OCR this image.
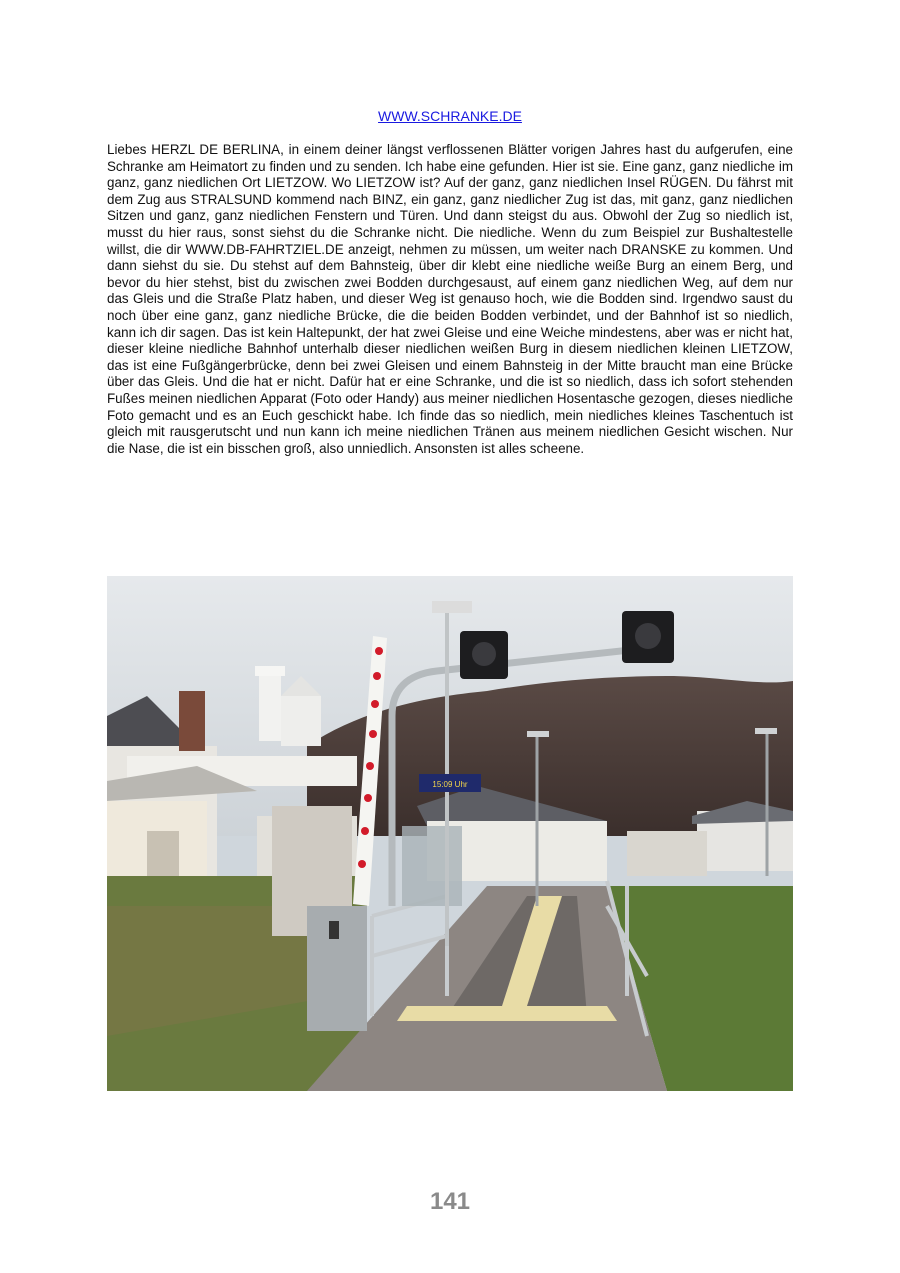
WWW.SCHRANKE.DE

Liebes HERZL DE BERLINA, in einem deiner längst verflossenen Blätter vorigen Jahres hast du aufgerufen, eine Schranke am Heimatort zu finden und zu senden. Ich habe eine gefunden. Hier ist sie. Eine ganz, ganz niedliche im ganz, ganz niedlichen Ort LIETZOW. Wo LIETZOW ist? Auf der ganz, ganz niedlichen Insel RÜGEN. Du fährst mit dem Zug aus STRALSUND kommend nach BINZ, ein ganz, ganz niedlicher Zug ist das, mit ganz, ganz niedlichen Sitzen und ganz, ganz niedlichen Fenstern und Türen. Und dann steigst du aus. Obwohl der Zug so niedlich ist, musst du hier raus, sonst siehst du die Schranke nicht. Die niedliche. Wenn du zum Beispiel zur Bushaltestelle willst, die dir WWW.DB-FAHRTZIEL.DE anzeigt, nehmen zu müssen, um weiter nach DRANSKE zu kommen. Und dann siehst du sie. Du stehst auf dem Bahnsteig, über dir klebt eine niedliche weiße Burg an einem Berg, und bevor du hier stehst, bist du zwischen zwei Bodden durchgesaust, auf einem ganz niedlichen Weg, auf dem nur das Gleis und die Straße Platz haben, und dieser Weg ist genauso hoch, wie die Bodden sind. Irgendwo saust du noch über eine ganz, ganz niedliche Brücke, die die beiden Bodden verbindet, und der Bahnhof ist so niedlich, kann ich dir sagen. Das ist kein Haltepunkt, der hat zwei Gleise und eine Weiche mindestens, aber was er nicht hat, dieser kleine niedliche Bahnhof unterhalb dieser niedlichen weißen Burg in diesem niedlichen kleinen LIETZOW, das ist eine Fußgängerbrücke, denn bei zwei Gleisen und einem Bahnsteig in der Mitte braucht man eine Brücke über das Gleis. Und die hat er nicht. Dafür hat er eine Schranke, und die ist so niedlich, dass ich sofort stehenden Fußes meinen niedlichen Apparat (Foto oder Handy) aus meiner niedlichen Hosentasche gezogen, dieses niedliche Foto gemacht und es an Euch geschickt habe. Ich finde das so niedlich, mein niedliches kleines Taschentuch ist gleich mit rausgerutscht und nun kann ich meine niedlichen Tränen aus meinem niedlichen Gesicht wischen. Nur die Nase, die ist ein bisschen groß, also unniedlich. Ansonsten ist alles scheene.

15:09 Uhr
141
